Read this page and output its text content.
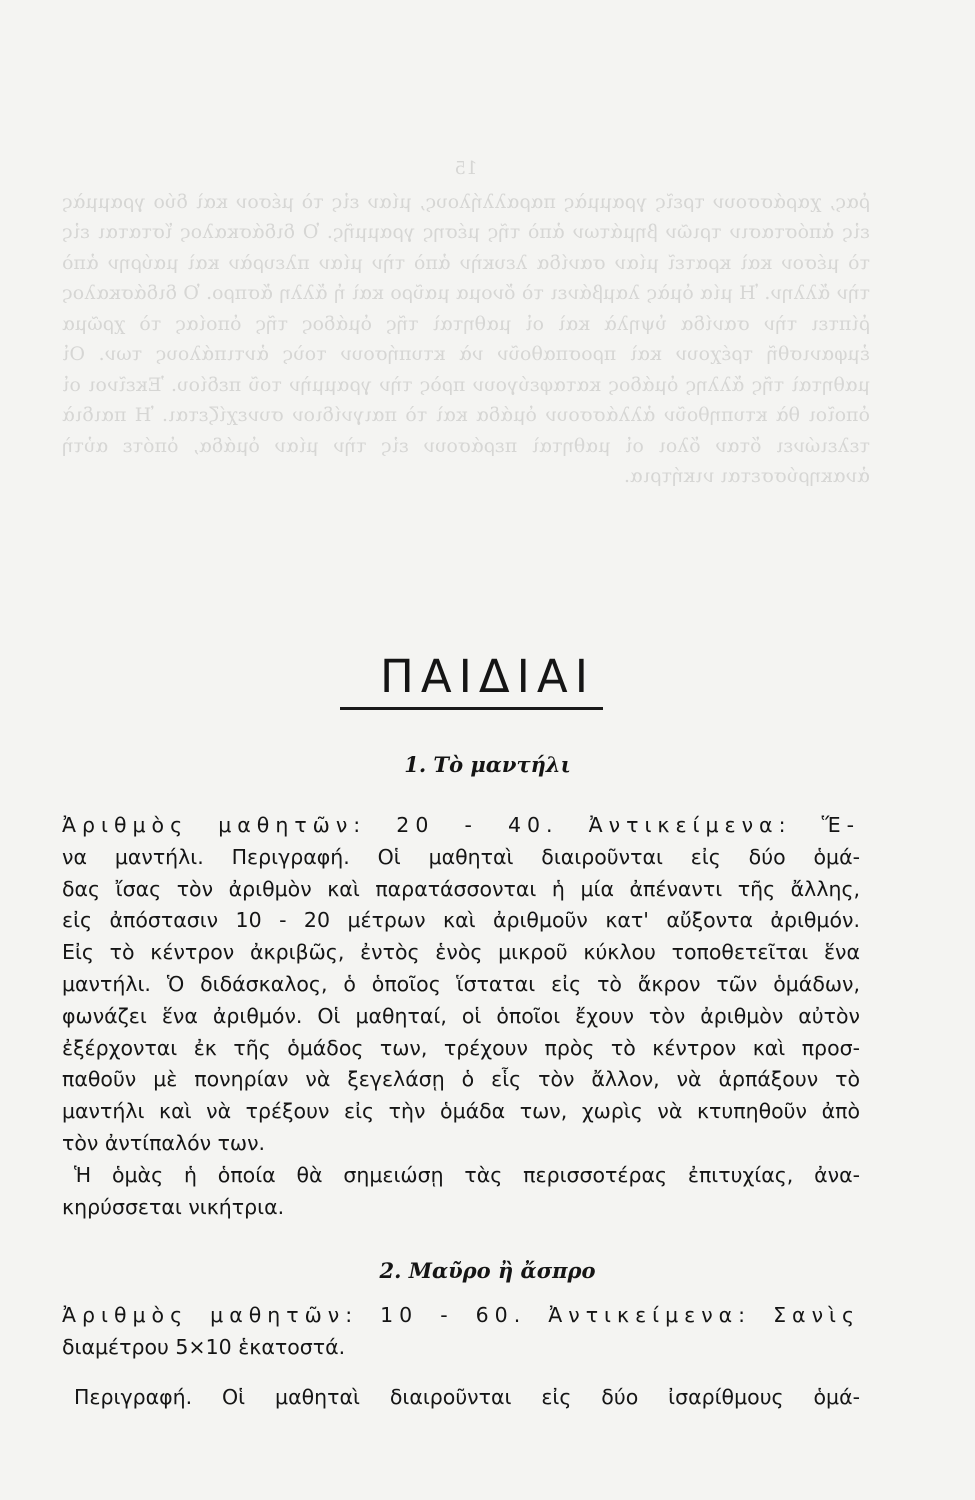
15
ῥας, χαράσσουν τρεῖς γραμμὰς παραλλήλους, μίαν εἰς τὸ μέσον καὶ δύο γραμμὰς εἰς ἀπόστασιν τριῶν βημάτων ἀπὸ τῆς μέσης γραμμῆς. Ὁ διδάσκαλος ἵσταται εἰς τὸ μέσον καὶ κρατεῖ μίαν σανίδα λευκὴν ἀπὸ τὴν μίαν πλευρὰν καὶ μαύρην ἀπὸ τὴν ἄλλην. Ἡ μία ὁμὰς λαμβάνει τὸ ὄνομα μαῦρο καὶ ἡ ἄλλη ἄσπρο. Ὁ διδάσκαλος ῥίπτει τὴν σανίδα ὑψηλὰ καὶ οἱ μαθηταὶ τῆς ὁμάδος τῆς ὁποίας τὸ χρῶμα ἐμφανισθῆ τρέχουν καὶ προσπαθοῦν νὰ κτυπήσουν τοὺς ἀντιπάλους των. Οἱ μαθηταὶ τῆς ἄλλης ὁμάδος καταφεύγουν πρὸς τὴν γραμμὴν τοῦ πεδίου. Ἐκεῖνοι οἱ ὁποῖοι θὰ κτυπηθοῦν ἀλλάσσουν ὁμάδα καὶ τὸ παιγνίδιον συνεχίζεται. Ἡ παιδιὰ τελειώνει ὅταν ὅλοι οἱ μαθηταὶ περάσουν εἰς τὴν μίαν ὁμάδα, ὁπότε αὐτὴ ἀνακηρύσσεται νικήτρια.
ΠΑΙΔΙΑΙ
1. Τὸ μαντήλι
Ἀριθμὸς μαθητῶν: 20 - 40. Ἀντικείμενα: Ἕ-
να μαντήλι. Περιγραφή. Οἱ μαθηταὶ διαιροῦνται εἰς δύο ὁμά-
δας ἴσας τὸν ἀριθμὸν καὶ παρατάσσονται ἡ μία ἀπέναντι τῆς ἄλλης,
εἰς ἀπόστασιν 10 - 20 μέτρων καὶ ἀριθμοῦν κατ' αὔξοντα ἀριθμόν.
Εἰς τὸ κέντρον ἀκριβῶς, ἐντὸς ἑνὸς μικροῦ κύκλου τοποθετεῖται ἕνα
μαντήλι. Ὁ διδάσκαλος, ὁ ὁποῖος ἵσταται εἰς τὸ ἄκρον τῶν ὁμάδων,
φωνάζει ἕνα ἀριθμόν. Οἱ μαθηταί, οἱ ὁποῖοι ἔχουν τὸν ἀριθμὸν αὐτὸν
ἐξέρχονται ἐκ τῆς ὁμάδος των, τρέχουν πρὸς τὸ κέντρον καὶ προσ-
παθοῦν μὲ πονηρίαν νὰ ξεγελάσῃ ὁ εἷς τὸν ἄλλον, νὰ ἁρπάξουν τὸ
μαντήλι καὶ νὰ τρέξουν εἰς τὴν ὁμάδα των, χωρὶς νὰ κτυπηθοῦν ἀπὸ
τὸν ἀντίπαλόν των.
Ἡ ὁμὰς ἡ ὁποία θὰ σημειώσῃ τὰς περισσοτέρας ἐπιτυχίας, ἀνα-
κηρύσσεται νικήτρια.
2. Μαῦρο ἢ ἄσπρο
Ἀριθμὸς μαθητῶν: 10 - 60. Ἀντικείμενα: Σανὶς
διαμέτρου 5×10 ἑκατοστά.
Περιγραφή. Οἱ μαθηταὶ διαιροῦνται εἰς δύο ἰσαρίθμους ὁμά-
